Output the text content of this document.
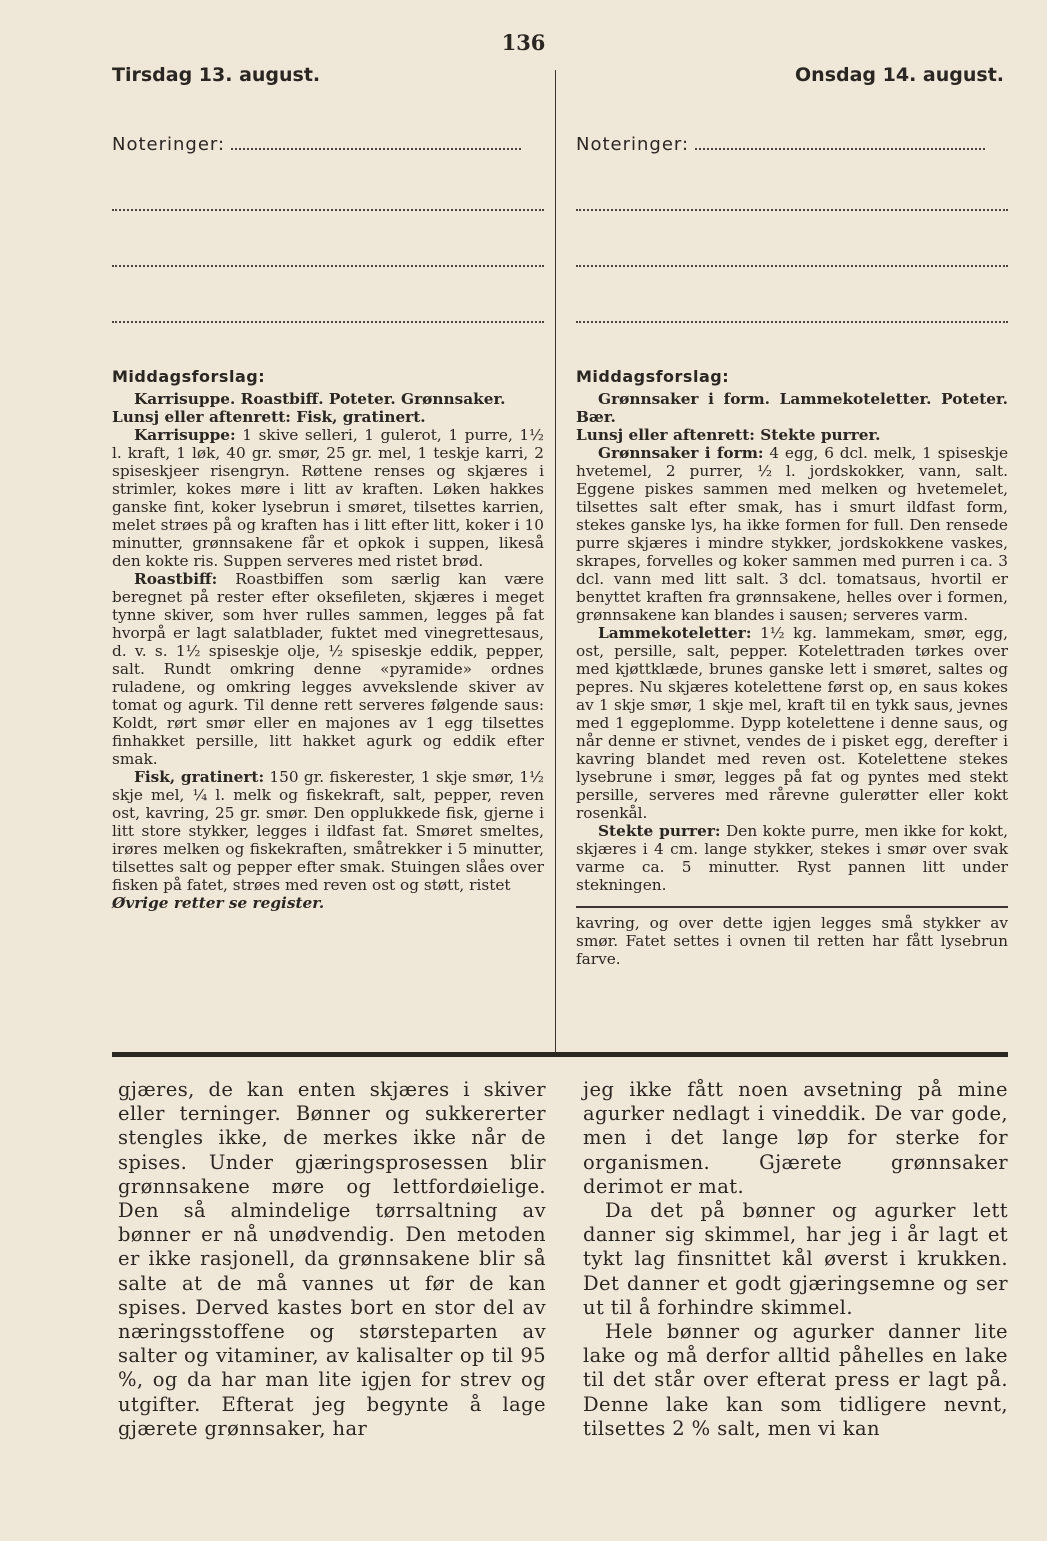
136
Tirsdag 13. august.
Noteringer:
Middagsforslag:

Karrisuppe. Roastbiff. Poteter. Grønnsaker.

Lunsj eller aftenrett: Fisk, gratinert.

Karrisuppe: 1 skive selleri, 1 gulerot, 1 purre, 1½ l. kraft, 1 løk, 40 gr. smør, 25 gr. mel, 1 teskje karri, 2 spiseskjeer risengryn. Røttene renses og skjæres i strimler, kokes møre i litt av kraften. Løken hakkes ganske fint, koker lysebrun i smøret, tilsettes karrien, melet strøes på og kraften has i litt efter litt, koker i 10 minutter, grønnsakene får et opkok i suppen, likeså den kokte ris. Suppen serveres med ristet brød.

Roastbiff: Roastbiffen som særlig kan være beregnet på rester efter oksefileten, skjæres i meget tynne skiver, som hver rulles sammen, legges på fat hvorpå er lagt salatblader, fuktet med vinegrettesaus, d. v. s. 1½ spiseskje olje, ½ spiseskje eddik, pepper, salt. Rundt omkring denne «pyramide» ordnes ruladene, og omkring legges avvekslende skiver av tomat og agurk. Til denne rett serveres følgende saus: Koldt, rørt smør eller en majones av 1 egg tilsettes finhakket persille, litt hakket agurk og eddik efter smak.

Fisk, gratinert: 150 gr. fiskerester, 1 skje smør, 1½ skje mel, ¼ l. melk og fiskekraft, salt, pepper, reven ost, kavring, 25 gr. smør. Den opplukkede fisk, gjerne i litt store stykker, legges i ildfast fat. Smøret smeltes, irøres melken og fiskekraften, småtrekker i 5 minutter, tilsettes salt og pepper efter smak. Stuingen slåes over fisken på fatet, strøes med reven ost og støtt, ristet

Øvrige retter se register.

Onsdag 14. august.
Noteringer:
Middagsforslag:

Grønnsaker i form. Lammekoteletter. Poteter. Bær.

Lunsj eller aftenrett: Stekte purrer.

Grønnsaker i form: 4 egg, 6 dcl. melk, 1 spiseskje hvetemel, 2 purrer, ½ l. jordskokker, vann, salt. Eggene piskes sammen med melken og hvetemelet, tilsettes salt efter smak, has i smurt ildfast form, stekes ganske lys, ha ikke formen for full. Den rensede purre skjæres i mindre stykker, jordskokkene vaskes, skrapes, forvelles og koker sammen med purren i ca. 3 dcl. vann med litt salt. 3 dcl. tomatsaus, hvortil er benyttet kraften fra grønnsakene, helles over i formen, grønnsakene kan blandes i sausen; serveres varm.

Lammekoteletter: 1½ kg. lammekam, smør, egg, ost, persille, salt, pepper. Kotelettraden tørkes over med kjøttklæde, brunes ganske lett i smøret, saltes og pepres. Nu skjæres kotelettene først op, en saus kokes av 1 skje smør, 1 skje mel, kraft til en tykk saus, jevnes med 1 eggeplomme. Dypp kotelettene i denne saus, og når denne er stivnet, vendes de i pisket egg, derefter i kavring blandet med reven ost. Kotelettene stekes lysebrune i smør, legges på fat og pyntes med stekt persille, serveres med rårevne gulerøtter eller kokt rosenkål.

Stekte purrer: Den kokte purre, men ikke for kokt, skjæres i 4 cm. lange stykker, stekes i smør over svak varme ca. 5 minutter. Ryst pannen litt under stekningen.

kavring, og over dette igjen legges små stykker av smør. Fatet settes i ovnen til retten har fått lysebrun farve.

gjæres, de kan enten skjæres i skiver eller terninger. Bønner og sukkererter stengles ikke, de merkes ikke når de spises. Under gjæringsprosessen blir grønnsakene møre og lettfordøielige. Den så almindelige tørrsaltning av bønner er nå unødvendig. Den metoden er ikke rasjonell, da grønnsakene blir så salte at de må vannes ut før de kan spises. Derved kastes bort en stor del av næringsstoffene og størsteparten av salter og vitaminer, av kalisalter op til 95 %, og da har man lite igjen for strev og utgifter. Efterat jeg begynte å lage gjærete grønnsaker, har

jeg ikke fått noen avsetning på mine agurker nedlagt i vineddik. De var gode, men i det lange løp for sterke for organismen. Gjærete grønnsaker derimot er mat.

Da det på bønner og agurker lett danner sig skimmel, har jeg i år lagt et tykt lag finsnittet kål øverst i krukken. Det danner et godt gjæringsemne og ser ut til å forhindre skimmel.

Hele bønner og agurker danner lite lake og må derfor alltid påhelles en lake til det står over efterat press er lagt på. Denne lake kan som tidligere nevnt, tilsettes 2 % salt, men vi kan
